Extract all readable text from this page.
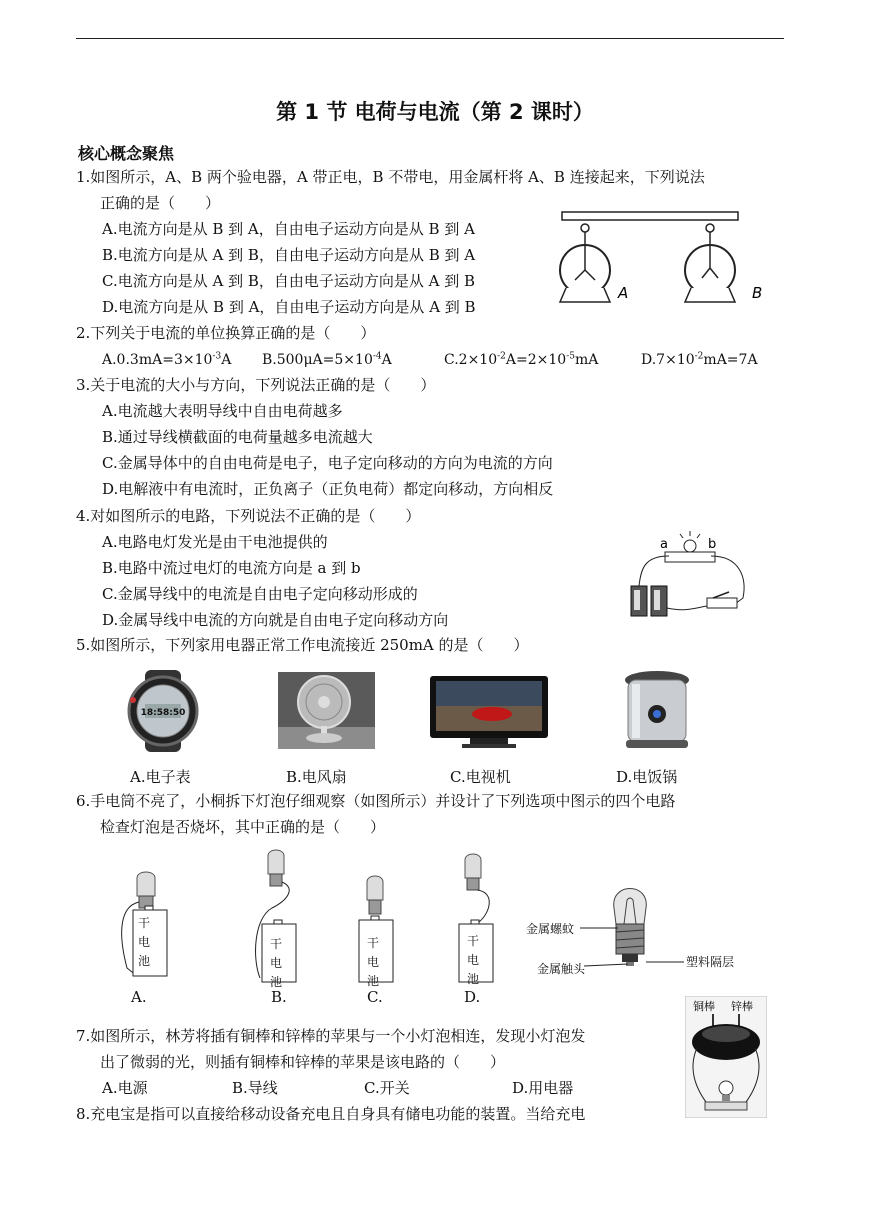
第 1 节 电荷与电流（第 2 课时）
核心概念聚焦
1.如图所示，A、B 两个验电器，A 带正电，B 不带电，用金属杆将 A、B 连接起来，下列说法
正确的是（　　）
A.电流方向是从 B 到 A，自由电子运动方向是从 B 到 A
B.电流方向是从 A 到 B，自由电子运动方向是从 B 到 A
C.电流方向是从 A 到 B，自由电子运动方向是从 A 到 B
D.电流方向是从 B 到 A，自由电子运动方向是从 A 到 B
A	B
2.下列关于电流的单位换算正确的是（　　）
$A.0.3mA=3\times 10^{-3}A$ $B.500\mu A=5\times 10^{-4}A$	$C.2\times 10^{-2}A=2\times 10^{-5}mA$	$D.7\times 10^{-2}mA=7A$
3.关于电流的大小与方向，下列说法正确的是（　　）
A.电流越大表明导线中自由电荷越多
B.通过导线横截面的电荷量越多电流越大
C.金属导体中的自由电荷是电子，电子定向移动的方向为电流的方向
D.电解液中有电流时，正负离子（正负电荷）都定向移动，方向相反
4.对如图所示的电路，下列说法不正确的是（　　）
A.电路电灯发光是由干电池提供的
B.电路中流过电灯的电流方向是 a 到 b
C.金属导线中的电流是自由电子定向移动形成的
D.金属导线中电流的方向就是自由电子定向移动方向
a	b
5.如图所示，下列家用电器正常工作电流接近 250mA 的是（　　）
18:58:50
A.电子表	B.电风扇	C.电视机	D.电饭锅
6.手电筒不亮了，小桐拆下灯泡仔细观察（如图所示）并设计了下列选项中图示的四个电路
检查灯泡是否烧坏，其中正确的是（　　）
干
电
池
干
电
池
干
电
池
干
电
池
A.	B.	C.	D.
金属螺蚊
金属触头	塑料隔层
7.如图所示，林芳将插有铜棒和锌棒的苹果与一个小灯泡相连，发现小灯泡发
出了微弱的光，则插有铜棒和锌棒的苹果是该电路的（　　）
A.电源	B.导线	C.开关	D.用电器
铜棒 锌棒
8.充电宝是指可以直接给移动设备充电且自身具有储电功能的装置。当给充电
